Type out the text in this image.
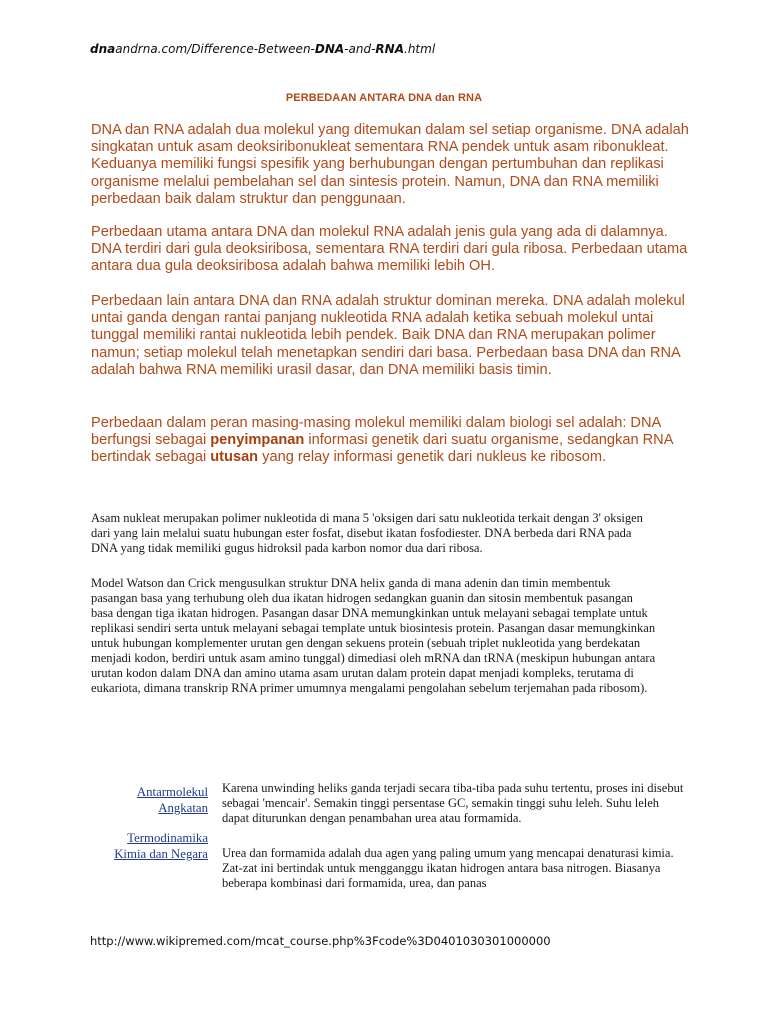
dnaandrna.com/Difference-Between-DNA-and-RNA.html
PERBEDAAN ANTARA DNA dan RNA

DNA dan RNA adalah dua molekul yang ditemukan dalam sel setiap organisme. DNA adalah singkatan untuk asam deoksiribonukleat sementara RNA pendek untuk asam ribonukleat. Keduanya memiliki fungsi spesifik yang berhubungan dengan pertumbuhan dan replikasi organisme melalui pembelahan sel dan sintesis protein. Namun, DNA dan RNA memiliki perbedaan baik dalam struktur dan penggunaan.

Perbedaan utama antara DNA dan molekul RNA adalah jenis gula yang ada di dalamnya. DNA terdiri dari gula deoksiribosa, sementara RNA terdiri dari gula ribosa. Perbedaan utama antara dua gula deoksiribosa adalah bahwa memiliki lebih OH.

Perbedaan lain antara DNA dan RNA adalah struktur dominan mereka. DNA adalah molekul untai ganda dengan rantai panjang nukleotida RNA adalah ketika sebuah molekul untai tunggal memiliki rantai nukleotida lebih pendek. Baik DNA dan RNA merupakan polimer namun; setiap molekul telah menetapkan sendiri dari basa. Perbedaan basa DNA dan RNA adalah bahwa RNA memiliki urasil dasar, dan DNA memiliki basis timin.

Perbedaan dalam peran masing-masing molekul memiliki dalam biologi sel adalah: DNA berfungsi sebagai penyimpanan informasi genetik dari suatu organisme, sedangkan RNA bertindak sebagai utusan yang relay informasi genetik dari nukleus ke ribosom.

Asam nukleat merupakan polimer nukleotida di mana 5 'oksigen dari satu nukleotida terkait dengan 3' oksigen dari yang lain melalui suatu hubungan ester fosfat, disebut ikatan fosfodiester. DNA berbeda dari RNA pada DNA yang tidak memiliki gugus hidroksil pada karbon nomor dua dari ribosa.

Model Watson dan Crick mengusulkan struktur DNA helix ganda di mana adenin dan timin membentuk pasangan basa yang terhubung oleh dua ikatan hidrogen sedangkan guanin dan sitosin membentuk pasangan basa dengan tiga ikatan hidrogen. Pasangan dasar DNA memungkinkan untuk melayani sebagai template untuk replikasi sendiri serta untuk melayani sebagai template untuk biosintesis protein. Pasangan dasar memungkinkan untuk hubungan komplementer urutan gen dengan sekuens protein (sebuah triplet nukleotida yang berdekatan menjadi kodon, berdiri untuk asam amino tunggal) dimediasi oleh mRNA dan tRNA (meskipun hubungan antara urutan kodon dalam DNA dan amino utama asam urutan dalam protein dapat menjadi kompleks, terutama di eukariota, dimana transkrip RNA primer umumnya mengalami pengolahan sebelum terjemahan pada ribosom).

Antarmolekul
Angkatan
Termodinamika
Kimia dan Negara

Karena unwinding heliks ganda terjadi secara tiba-tiba pada suhu tertentu, proses ini disebut sebagai 'mencair'. Semakin tinggi persentase GC, semakin tinggi suhu leleh. Suhu leleh dapat diturunkan dengan penambahan urea atau formamida.

Urea dan formamida adalah dua agen yang paling umum yang mencapai denaturasi kimia. Zat-zat ini bertindak untuk mengganggu ikatan hidrogen antara basa nitrogen. Biasanya beberapa kombinasi dari formamida, urea, dan panas

http://www.wikipremed.com/mcat_course.php%3Fcode%3D0401030301000000
